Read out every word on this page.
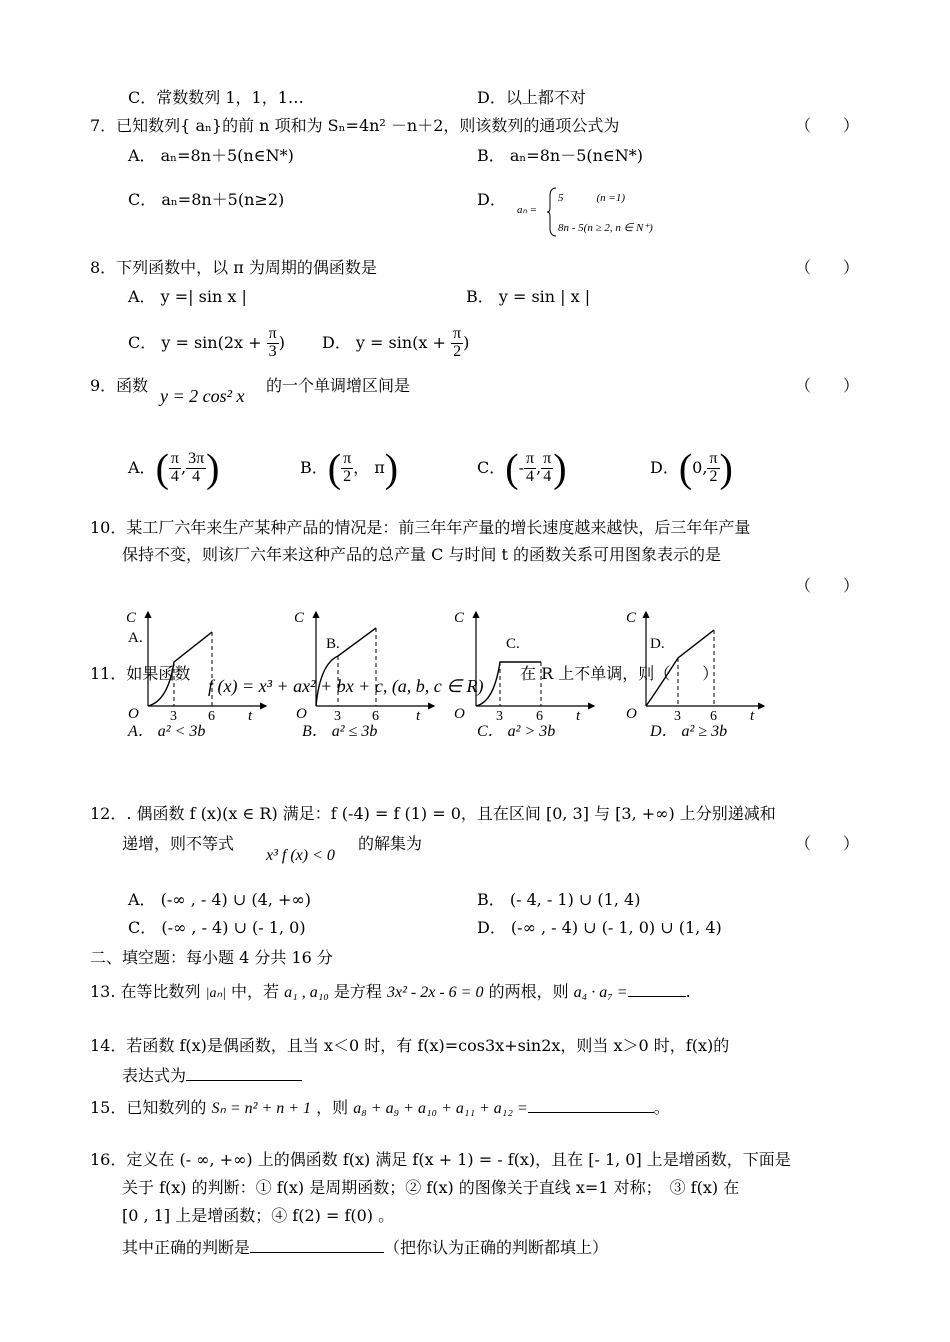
C．常数数列 1，1，1…	D．以上都不对
7．已知数列{ aₙ}的前 n 项和为 Sₙ=4n² －n＋2，则该数列的通项公式为	（　　）
A． aₙ=8n＋5(n∈N*)	B． aₙ=8n－5(n∈N*)
C． aₙ=8n＋5(n≥2)	D．
aₙ =
5　　　(n =1)
8n - 5(n ≥ 2, n ∈ N⁺)
8．下列函数中，以 π 为周期的偶函数是	（　　）
A． y =| sin x |	B． y = sin | x |
C． $y = \sin(2x + \frac{\pi}{3}$ ) D． $y = \sin(x + \frac{\pi}{2}$ )
9．函数
y = 2 cos² x
的一个单调增区间是	（　　）
A．( $\frac{\pi}{4}$ , $\frac{3\pi}{4}$ )	B．( $\frac{\pi}{2}$ ， π)	C．(- $\frac{\pi}{4}$ , $\frac{\pi}{4}$ )	D．(0, $\frac{\pi}{2}$ )
10．某工厂六年来生产某种产品的情况是：前三年年产量的增长速度越来越快，后三年年产量
保持不变，则该厂六年来这种产品的总产量 C 与时间 t 的函数关系可用图象表示的是
（　　）
C
A.
O	t
3 6
C
B.
O	t
3 6
C
C.
O	t
3 6
C
D.
O	t
3 6
11．如果函数
f (x) = x³ + ax² + bx + c, (a, b, c ∈ R)
在 R 上不单调，则（　　）
A． a² < 3b	B． a² ≤ 3b	C． a² > 3b	D． a² ≥ 3b
12．. 偶函数 f (x)(x ∈ R) 满足：f (-4) = f (1) = 0，且在区间 [0, 3] 与 [3, +∞) 上分别递减和
递增，则不等式
x³ f (x) < 0
的解集为	（　　）
A． (-∞ , - 4) ∪ (4, +∞)	B． (- 4, - 1) ∪ (1, 4)
C． (-∞ , - 4) ∪ (- 1, 0)	D． (-∞ , - 4) ∪ (- 1, 0) ∪ (1, 4)
二、填空题：每小题 4 分共 16 分
13. 在等比数列 |aₙ| 中，若 a₁ , a₁₀ 是方程 3x² - 2x - 6 = 0 的两根，则 a₄ · a₇ =	.
14．若函数 f(x)是偶函数，且当 x＜0 时，有 f(x)=cos3x+sin2x，则当 x＞0 时，f(x)的
表达式为
15．已知数列的 Sₙ = n² + n + 1 ，则 a₈ + a₉ + a₁₀ + a₁₁ + a₁₂ =	。
16．定义在 (- ∞, +∞) 上的偶函数 f(x) 满足 f(x + 1) = - f(x)，且在 [- 1, 0] 上是增函数，下面是
关于 f(x) 的判断：① f(x) 是周期函数；② f(x) 的图像关于直线 x=1 对称；　③ f(x) 在
[0 , 1] 上是增函数；④ f(2) = f(0) 。
其中正确的判断是	（把你认为正确的判断都填上）
